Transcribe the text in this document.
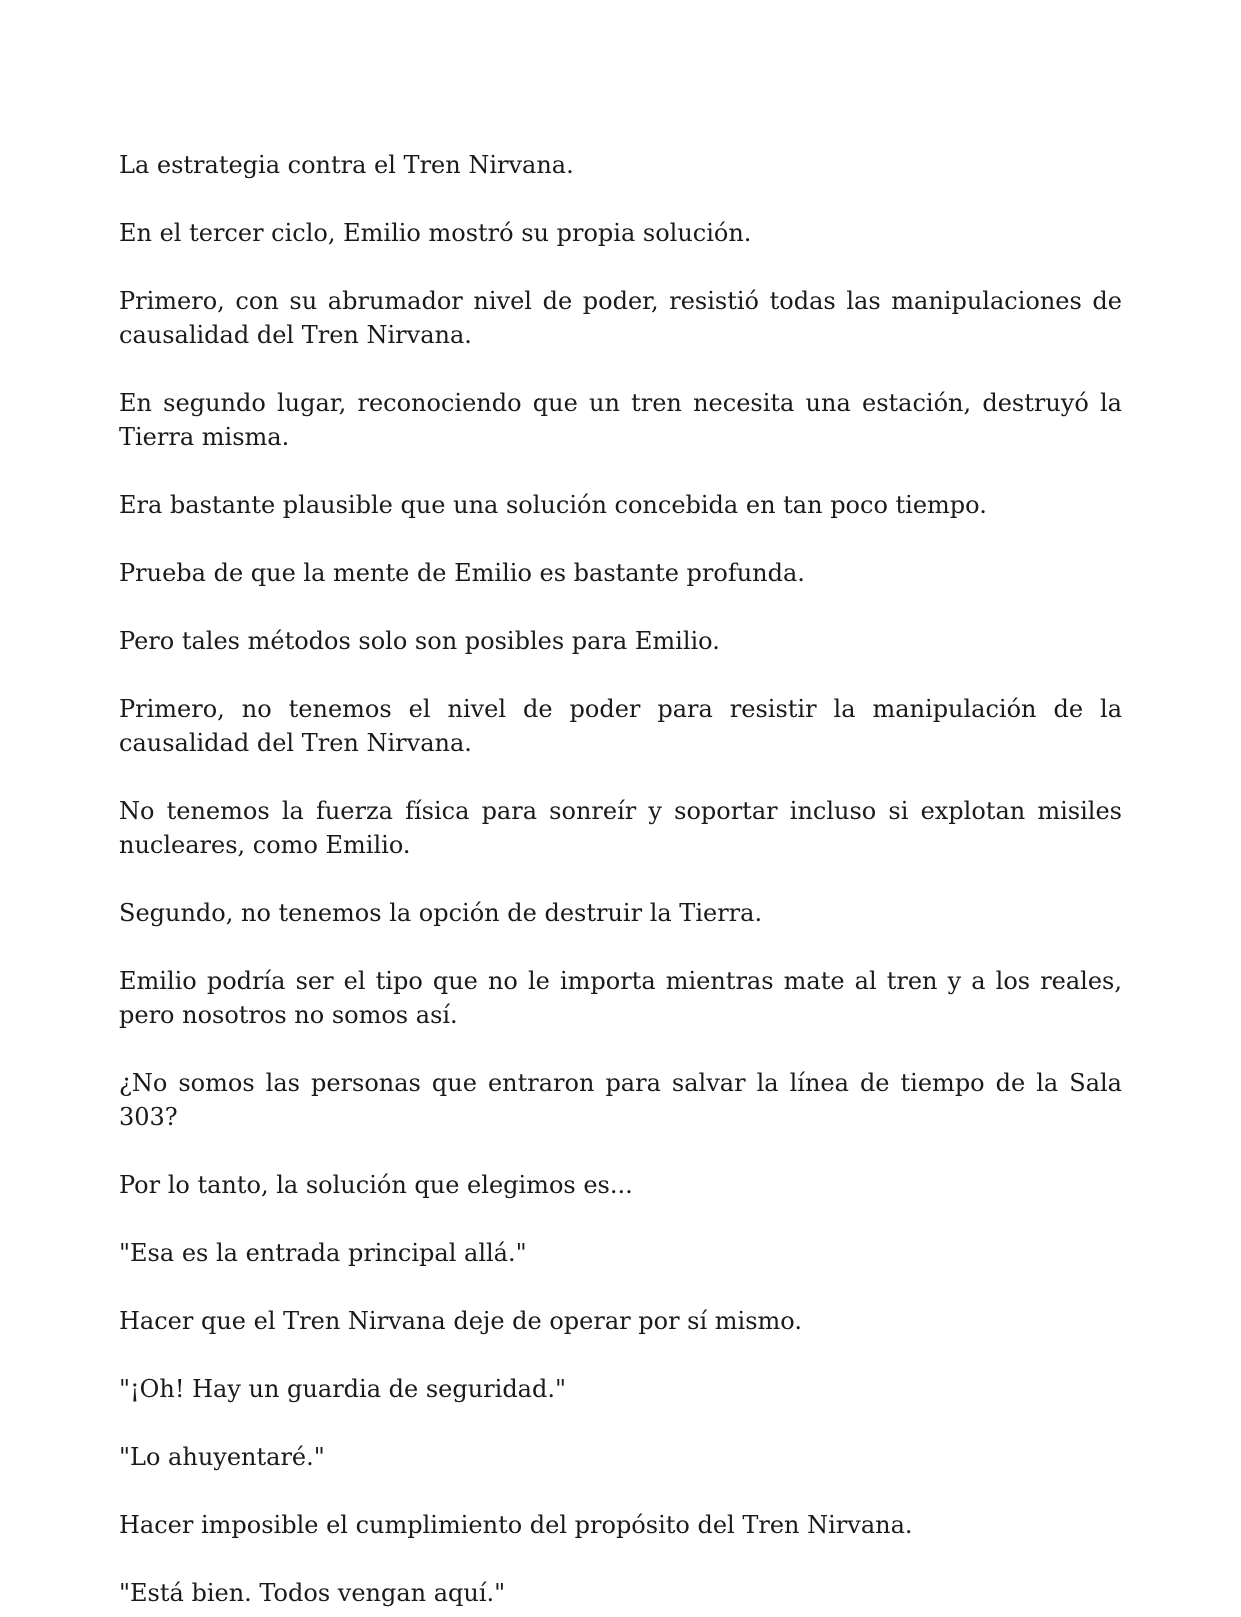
La estrategia contra el Tren Nirvana.

En el tercer ciclo, Emilio mostró su propia solución.

Primero, con su abrumador nivel de poder, resistió todas las manipulaciones de causalidad del Tren Nirvana.

En segundo lugar, reconociendo que un tren necesita una estación, destruyó la Tierra misma.

Era bastante plausible que una solución concebida en tan poco tiempo.

Prueba de que la mente de Emilio es bastante profunda.

Pero tales métodos solo son posibles para Emilio.

Primero, no tenemos el nivel de poder para resistir la manipulación de la causalidad del Tren Nirvana.

No tenemos la fuerza física para sonreír y soportar incluso si explotan misiles nucleares, como Emilio.

Segundo, no tenemos la opción de destruir la Tierra.

Emilio podría ser el tipo que no le importa mientras mate al tren y a los reales, pero nosotros no somos así.

¿No somos las personas que entraron para salvar la línea de tiempo de la Sala 303?

Por lo tanto, la solución que elegimos es...

"Esa es la entrada principal allá."

Hacer que el Tren Nirvana deje de operar por sí mismo.

"¡Oh! Hay un guardia de seguridad."

"Lo ahuyentaré."

Hacer imposible el cumplimiento del propósito del Tren Nirvana.

"Está bien. Todos vengan aquí."
